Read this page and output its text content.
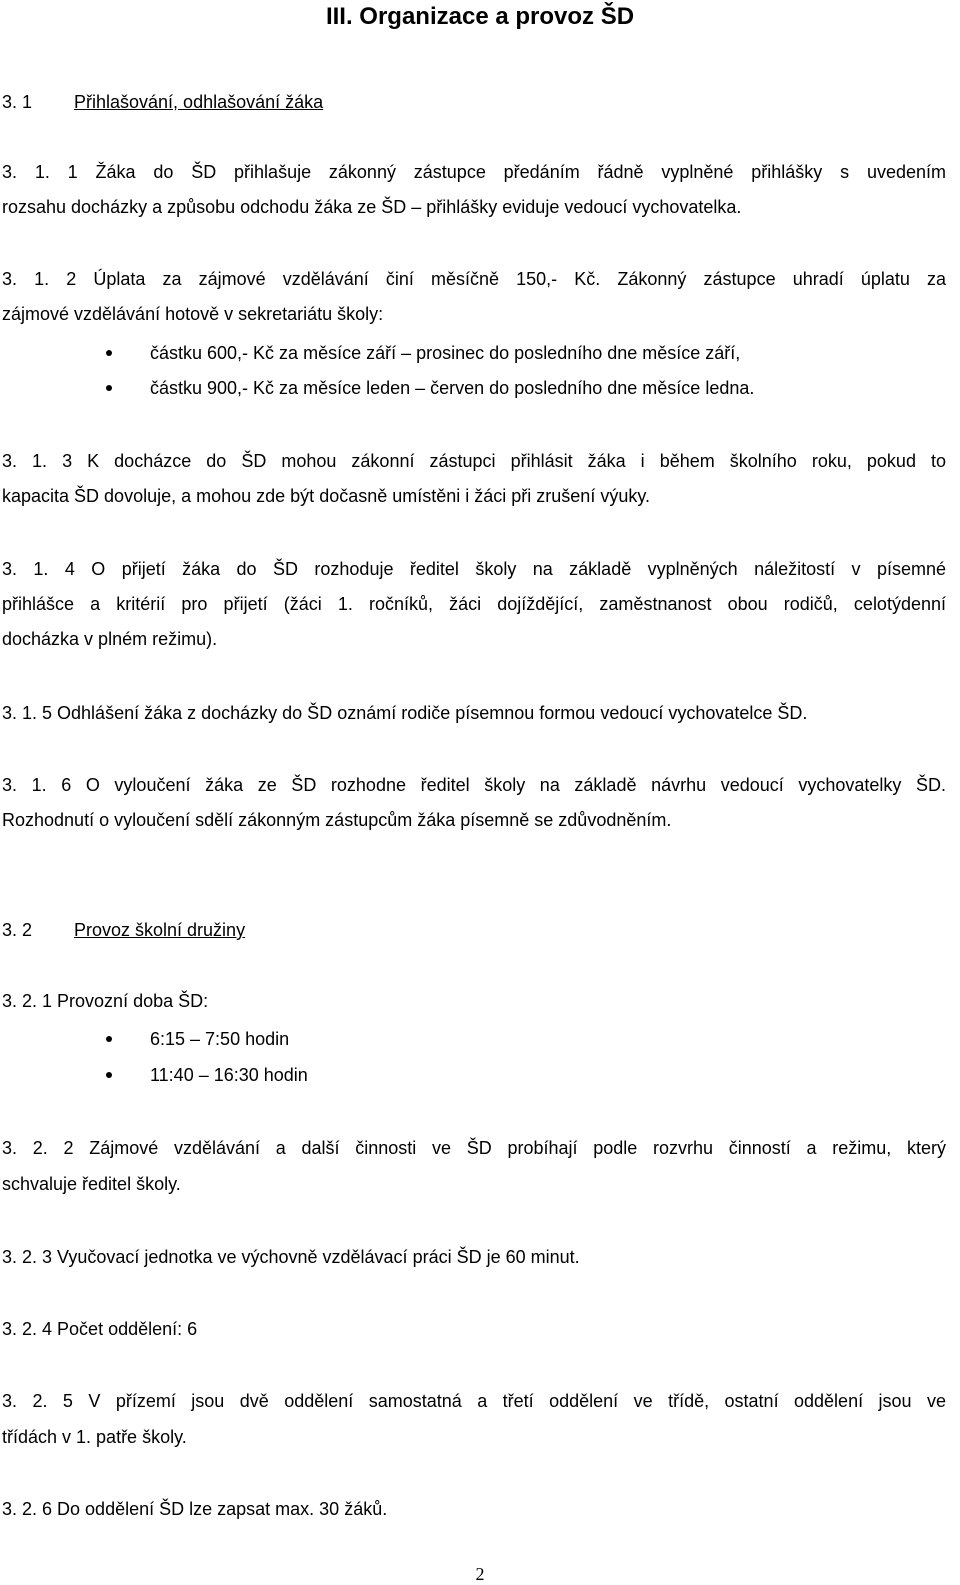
III. Organizace a provoz ŠD
3. 1 Přihlašování, odhlašování žáka
3. 1. 1 Žáka do ŠD přihlašuje zákonný zástupce předáním řádně vyplněné přihlášky s uvedením
rozsahu docházky a způsobu odchodu žáka ze ŠD – přihlášky eviduje vedoucí vychovatelka.
3. 1. 2 Úplata za zájmové vzdělávání činí měsíčně 150,- Kč. Zákonný zástupce uhradí úplatu za
zájmové vzdělávání hotově v sekretariátu školy:
částku 600,- Kč za měsíce září – prosinec do posledního dne měsíce září,
částku 900,- Kč za měsíce leden – červen do posledního dne měsíce ledna.
3. 1. 3 K docházce do ŠD mohou zákonní zástupci přihlásit žáka i během školního roku, pokud to
kapacita ŠD dovoluje, a mohou zde být dočasně umístěni i žáci při zrušení výuky.
3. 1. 4 O přijetí žáka do ŠD rozhoduje ředitel školy na základě vyplněných náležitostí v písemné
přihlášce a kritérií pro přijetí (žáci 1. ročníků, žáci dojíždějící, zaměstnanost obou rodičů, celotýdenní
docházka v plném režimu).
3. 1. 5 Odhlášení žáka z docházky do ŠD oznámí rodiče písemnou formou vedoucí vychovatelce ŠD.
3. 1. 6 O vyloučení žáka ze ŠD rozhodne ředitel školy na základě návrhu vedoucí vychovatelky ŠD.
Rozhodnutí o vyloučení sdělí zákonným zástupcům žáka písemně se zdůvodněním.
3. 2 Provoz školní družiny
3. 2. 1 Provozní doba ŠD:
6:15 – 7:50 hodin
11:40 – 16:30 hodin
3. 2. 2 Zájmové vzdělávání a další činnosti ve ŠD probíhají podle rozvrhu činností a režimu, který
schvaluje ředitel školy.
3. 2. 3 Vyučovací jednotka ve výchovně vzdělávací práci ŠD je 60 minut.
3. 2. 4 Počet oddělení: 6
3. 2. 5 V přízemí jsou dvě oddělení samostatná a třetí oddělení ve třídě, ostatní oddělení jsou ve
třídách v 1. patře školy.
3. 2. 6 Do oddělení ŠD lze zapsat max. 30 žáků.
2
